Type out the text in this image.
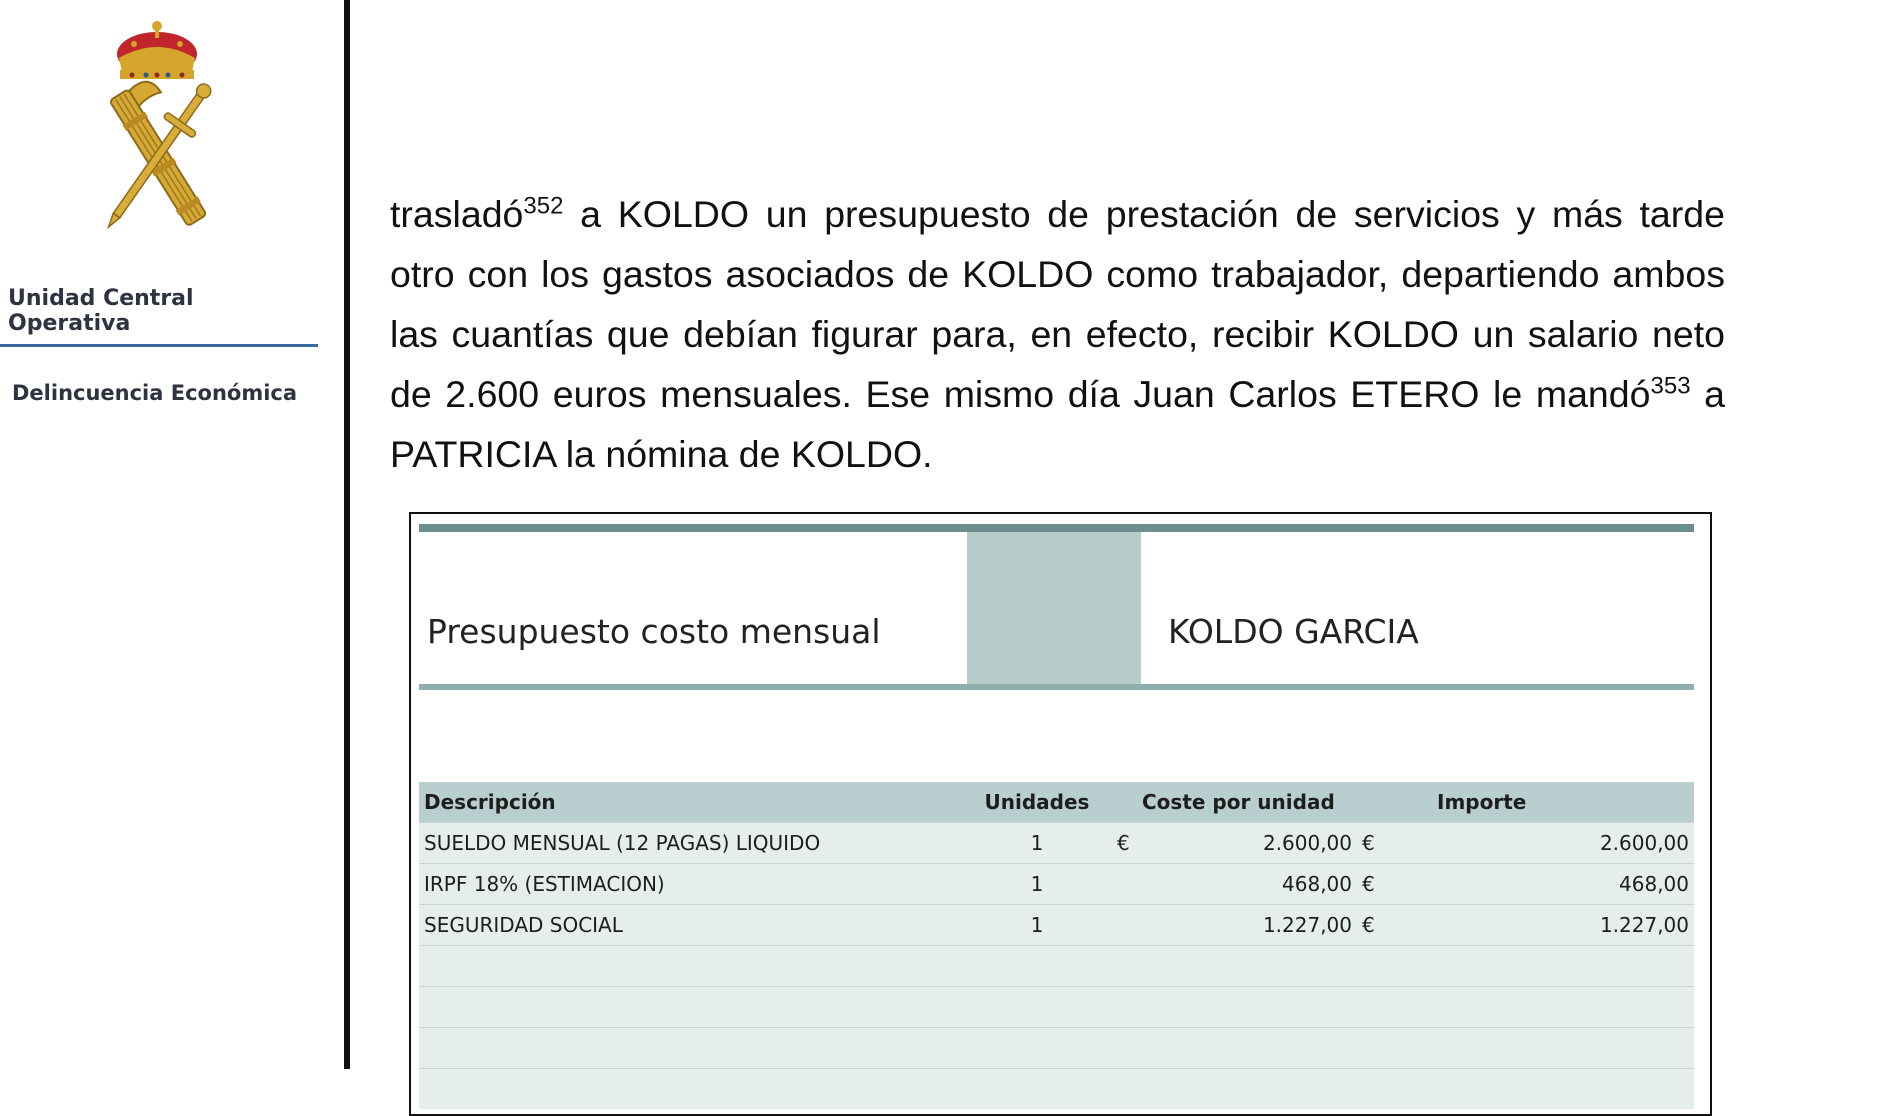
Unidad Central Operativa
Delincuencia Económica
trasladó$^{352}$ a KOLDO un presupuesto de prestación de servicios y más tarde otro con los gastos asociados de KOLDO como trabajador, departiendo ambos las cuantías que debían figurar para, en efecto, recibir KOLDO un salario neto de 2.600 euros mensuales. Ese mismo día Juan Carlos ETERO le mandó$^{353}$ a PATRICIA la nómina de KOLDO.
Presupuesto costo mensual	KOLDO GARCIA
Descripción	Unidades	Coste por unidad			Importe
SUELDO MENSUAL (12 PAGAS) LIQUIDO	1	€	2.600,00	€	2.600,00
IRPF 18% (ESTIMACION)	1		468,00	€	468,00
SEGURIDAD SOCIAL	1		1.227,00	€	1.227,00
